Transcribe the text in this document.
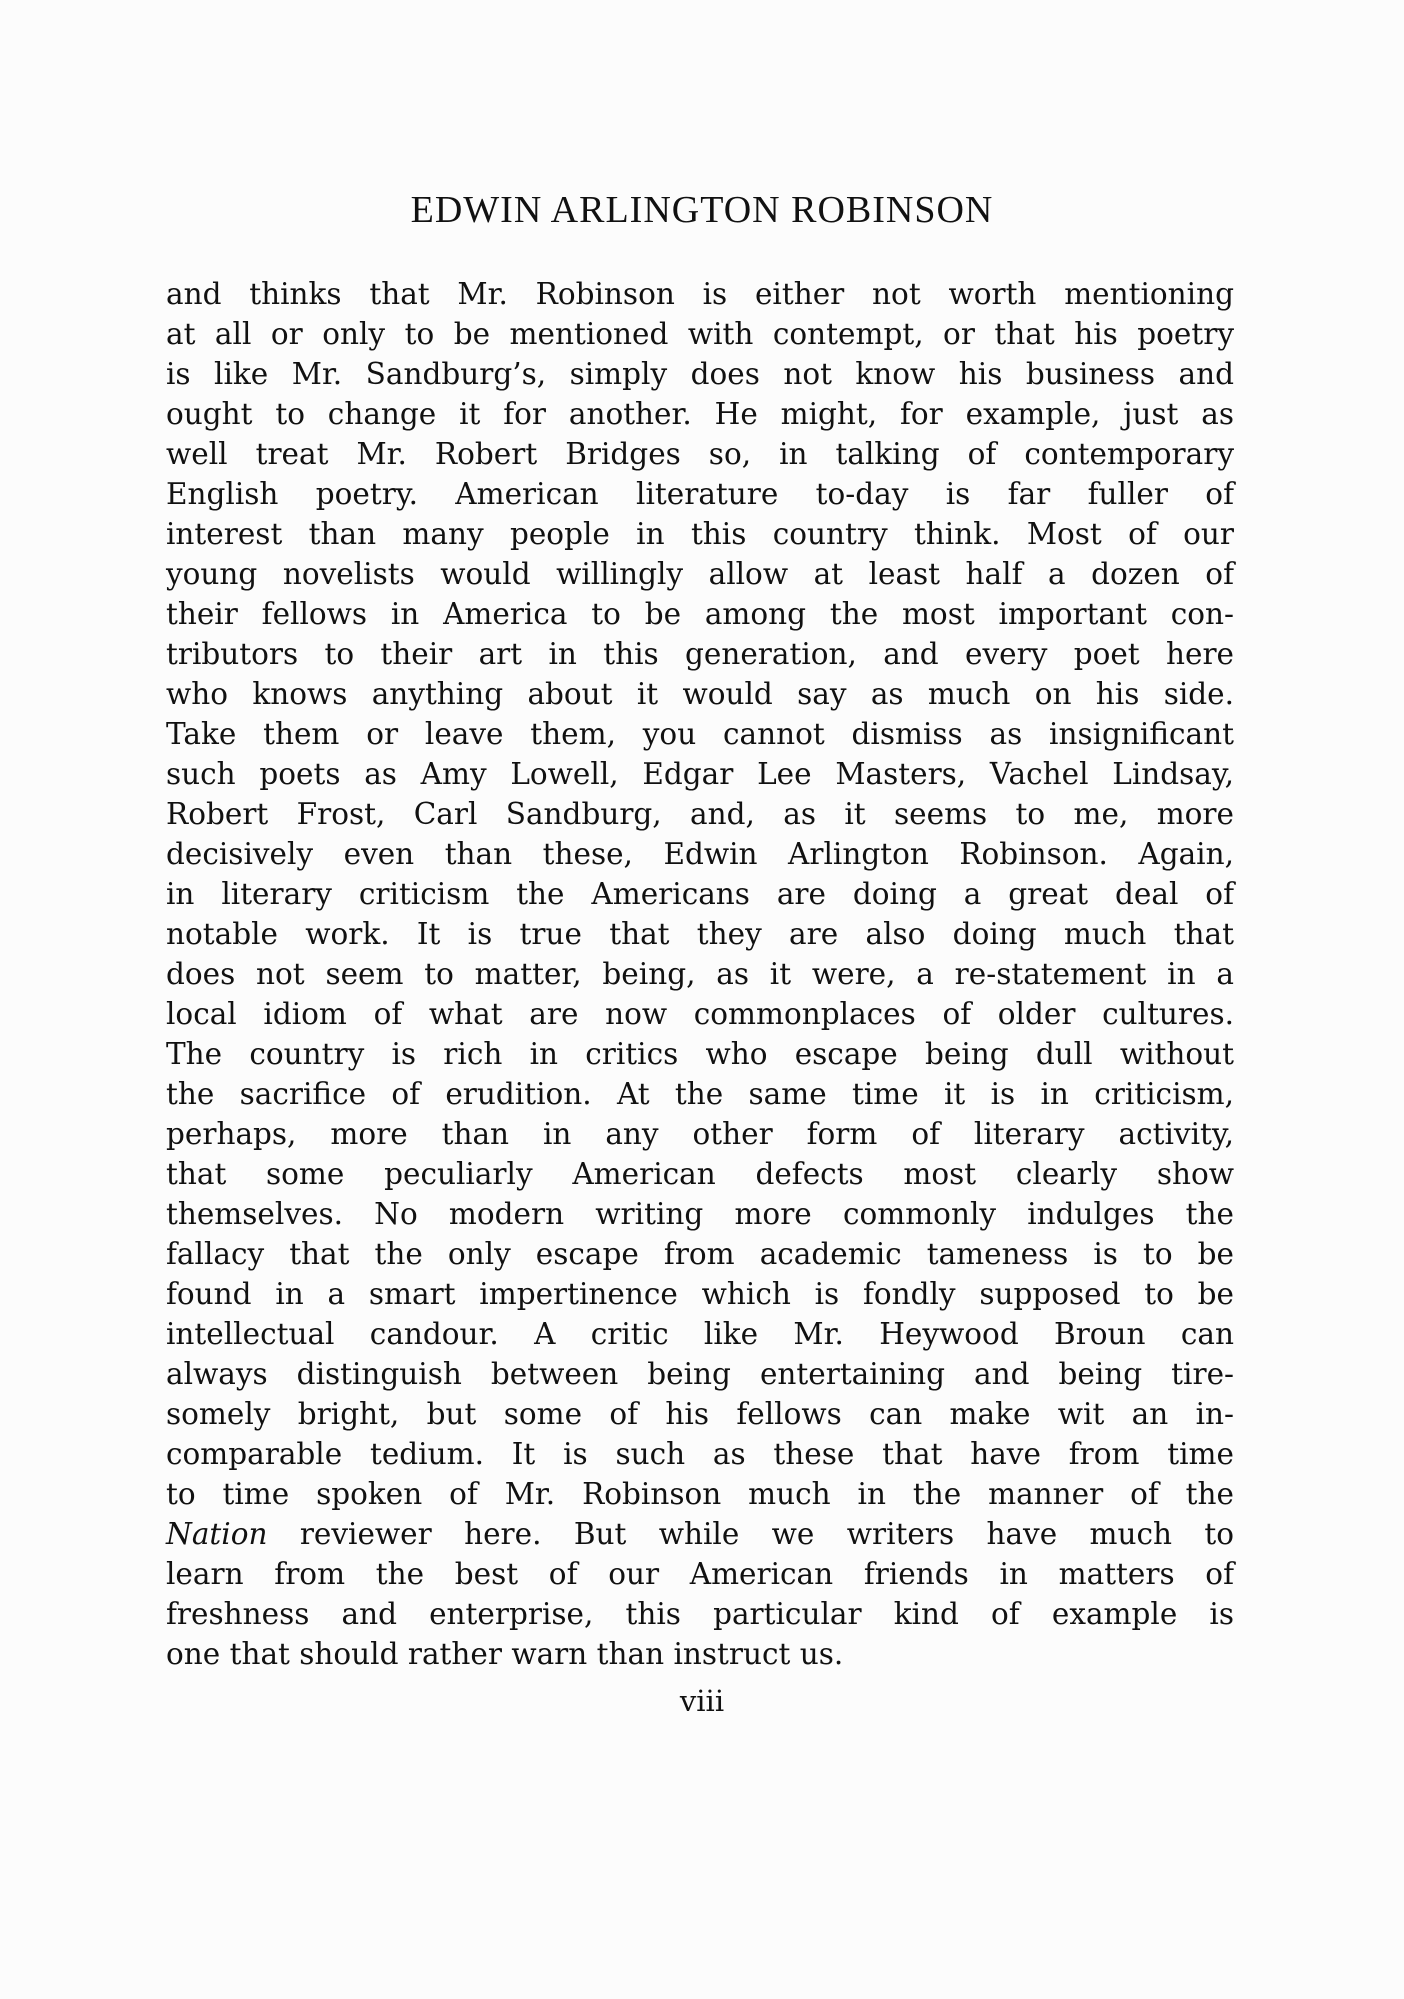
EDWIN ARLINGTON ROBINSON
and thinks that Mr. Robinson is either not worth mentioning
at all or only to be mentioned with contempt, or that his poetry
is like Mr. Sandburg’s, simply does not know his business and
ought to change it for another. He might, for example, just as
well treat Mr. Robert Bridges so, in talking of contemporary
English poetry. American literature to-day is far fuller of
interest than many people in this country think. Most of our
young novelists would willingly allow at least half a dozen of
their fellows in America to be among the most important con-
tributors to their art in this generation, and every poet here
who knows anything about it would say as much on his side.
Take them or leave them, you cannot dismiss as insignificant
such poets as Amy Lowell, Edgar Lee Masters, Vachel Lindsay,
Robert Frost, Carl Sandburg, and, as it seems to me, more
decisively even than these, Edwin Arlington Robinson. Again,
in literary criticism the Americans are doing a great deal of
notable work. It is true that they are also doing much that
does not seem to matter, being, as it were, a re-statement in a
local idiom of what are now commonplaces of older cultures.
The country is rich in critics who escape being dull without
the sacrifice of erudition. At the same time it is in criticism,
perhaps, more than in any other form of literary activity,
that some peculiarly American defects most clearly show
themselves. No modern writing more commonly indulges the
fallacy that the only escape from academic tameness is to be
found in a smart impertinence which is fondly supposed to be
intellectual candour. A critic like Mr. Heywood Broun can
always distinguish between being entertaining and being tire-
somely bright, but some of his fellows can make wit an in-
comparable tedium. It is such as these that have from time
to time spoken of Mr. Robinson much in the manner of the
Nation reviewer here. But while we writers have much to
learn from the best of our American friends in matters of
freshness and enterprise, this particular kind of example is
one that should rather warn than instruct us.
viii
